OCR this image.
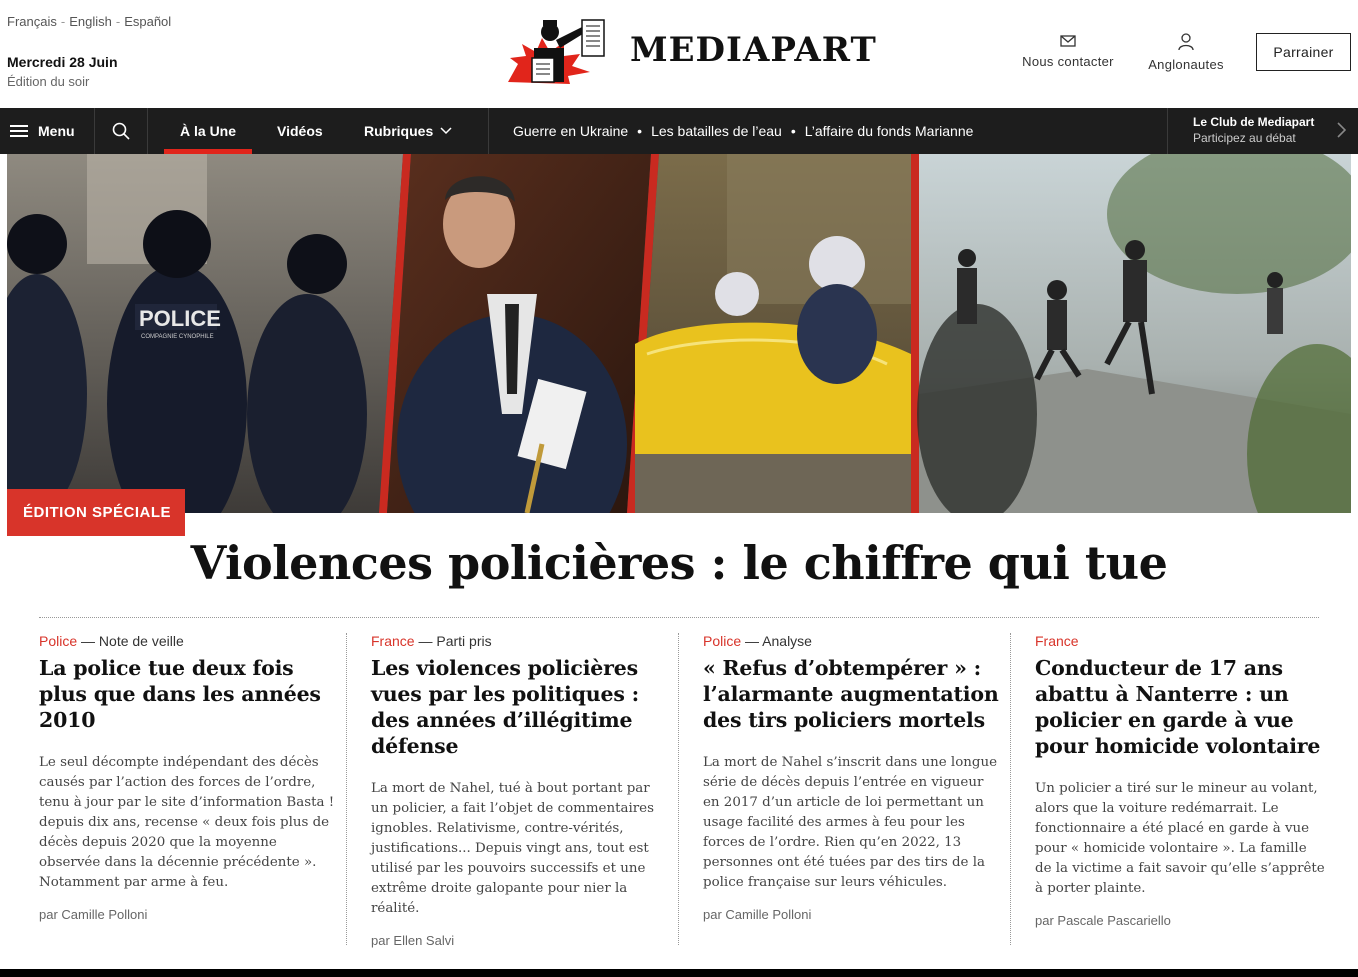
Français - English - Español
Mercredi 28 Juin
Édition du soir
MEDIAPART	Nous contacter	Anglonautes
Parrainer
Menu	À la Une	Vidéos	Rubriques	Guerre en Ukraine • Les batailles de l’eau • L’affaire du fonds Marianne
Le Club de Mediapart
Participez au débat
POLICE
COMPAGNIE CYNOPHILE
ÉDITION SPÉCIALE
Violences policières : le chiffre qui tue
Police — Note de veille
La police tue deux fois plus que dans les années 2010

Le seul décompte indépendant des décès causés par l’action des forces de l’ordre, tenu à jour par le site d’information Basta ! depuis dix ans, recense « deux fois plus de décès depuis 2020 que la moyenne observée dans la décennie précédente ». Notamment par arme à feu.

par Camille Polloni
France — Parti pris
Les violences policières vues par les politiques : des années d’illégitime défense

La mort de Nahel, tué à bout portant par un policier, a fait l’objet de commentaires ignobles. Relativisme, contre-vérités, justifications... Depuis vingt ans, tout est utilisé par les pouvoirs successifs et une extrême droite galopante pour nier la réalité.

par Ellen Salvi
Police — Analyse
« Refus d’obtempérer » : l’alarmante augmentation des tirs policiers mortels

La mort de Nahel s’inscrit dans une longue série de décès depuis l’entrée en vigueur en 2017 d’un article de loi permettant un usage facilité des armes à feu pour les forces de l’ordre. Rien qu’en 2022, 13 personnes ont été tuées par des tirs de la police française sur leurs véhicules.

par Camille Polloni
France
Conducteur de 17 ans abattu à Nanterre : un policier en garde à vue pour homicide volontaire

Un policier a tiré sur le mineur au volant, alors que la voiture redémarrait. Le fonctionnaire a été placé en garde à vue pour « homicide volontaire ». La famille de la victime a fait savoir qu’elle s’apprête à porter plainte.

par Pascale Pascariello
